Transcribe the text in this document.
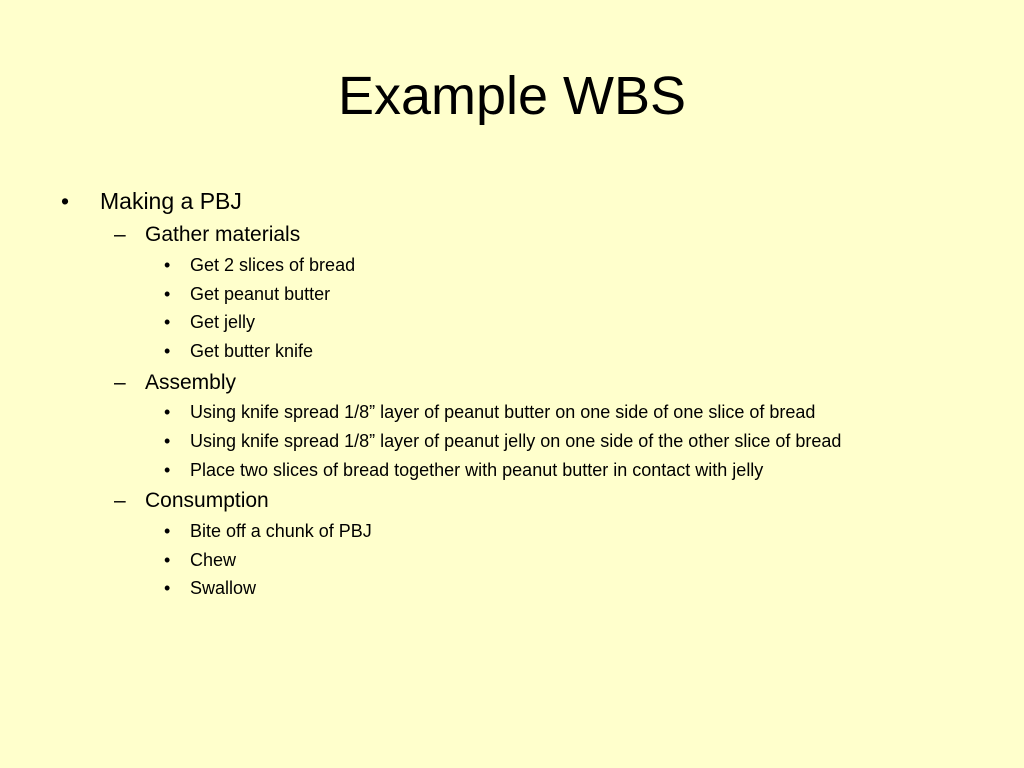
Example WBS
• Making a PBJ
– Gather materials
• Get 2 slices of bread
• Get peanut butter
• Get jelly
• Get butter knife
– Assembly
• Using knife spread 1/8” layer of peanut butter on one side of one slice of bread
• Using knife spread 1/8” layer of peanut jelly on one side of the other slice of bread
• Place two slices of bread together with peanut butter in contact with jelly
– Consumption
• Bite off a chunk of PBJ
• Chew
• Swallow
